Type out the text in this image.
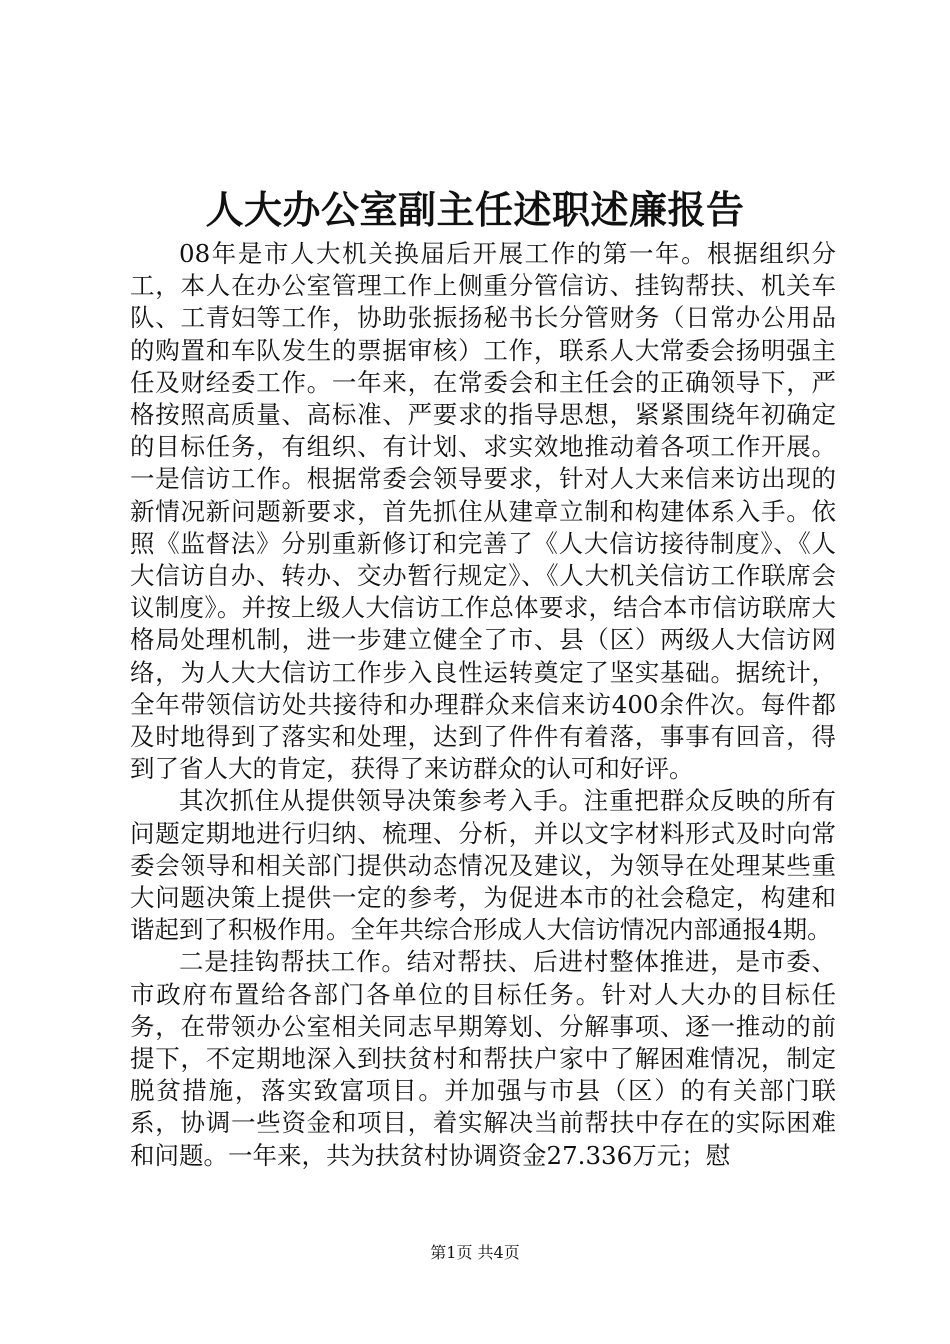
人大办公室副主任述职述廉报告

08年是市人大机关换届后开展工作的第一年。根据组织分工，本人在办公室管理工作上侧重分管信访、挂钩帮扶、机关车队、工青妇等工作，协助张振扬秘书长分管财务（日常办公用品的购置和车队发生的票据审核）工作，联系人大常委会扬明强主任及财经委工作。一年来，在常委会和主任会的正确领导下，严格按照高质量、高标准、严要求的指导思想，紧紧围绕年初确定的目标任务，有组织、有计划、求实效地推动着各项工作开展。一是信访工作。根据常委会领导要求，针对人大来信来访出现的新情况新问题新要求，首先抓住从建章立制和构建体系入手。依照《监督法》分别重新修订和完善了《人大信访接待制度》、《人大信访自办、转办、交办暂行规定》、《人大机关信访工作联席会议制度》。并按上级人大信访工作总体要求，结合本市信访联席大格局处理机制，进一步建立健全了市、县（区）两级人大信访网络，为人大大信访工作步入良性运转奠定了坚实基础。据统计，全年带领信访处共接待和办理群众来信来访400余件次。每件都及时地得到了落实和处理，达到了件件有着落，事事有回音，得到了省人大的肯定，获得了来访群众的认可和好评。

其次抓住从提供领导决策参考入手。注重把群众反映的所有问题定期地进行归纳、梳理、分析，并以文字材料形式及时向常委会领导和相关部门提供动态情况及建议，为领导在处理某些重大问题决策上提供一定的参考，为促进本市的社会稳定，构建和谐起到了积极作用。全年共综合形成人大信访情况内部通报4期。

二是挂钩帮扶工作。结对帮扶、后进村整体推进，是市委、市政府布置给各部门各单位的目标任务。针对人大办的目标任务，在带领办公室相关同志早期筹划、分解事项、逐一推动的前提下，不定期地深入到扶贫村和帮扶户家中了解困难情况，制定脱贫措施，落实致富项目。并加强与市县（区）的有关部门联系，协调一些资金和项目，着实解决当前帮扶中存在的实际困难和问题。一年来，共为扶贫村协调资金27.336万元；慰

第1页 共4页
